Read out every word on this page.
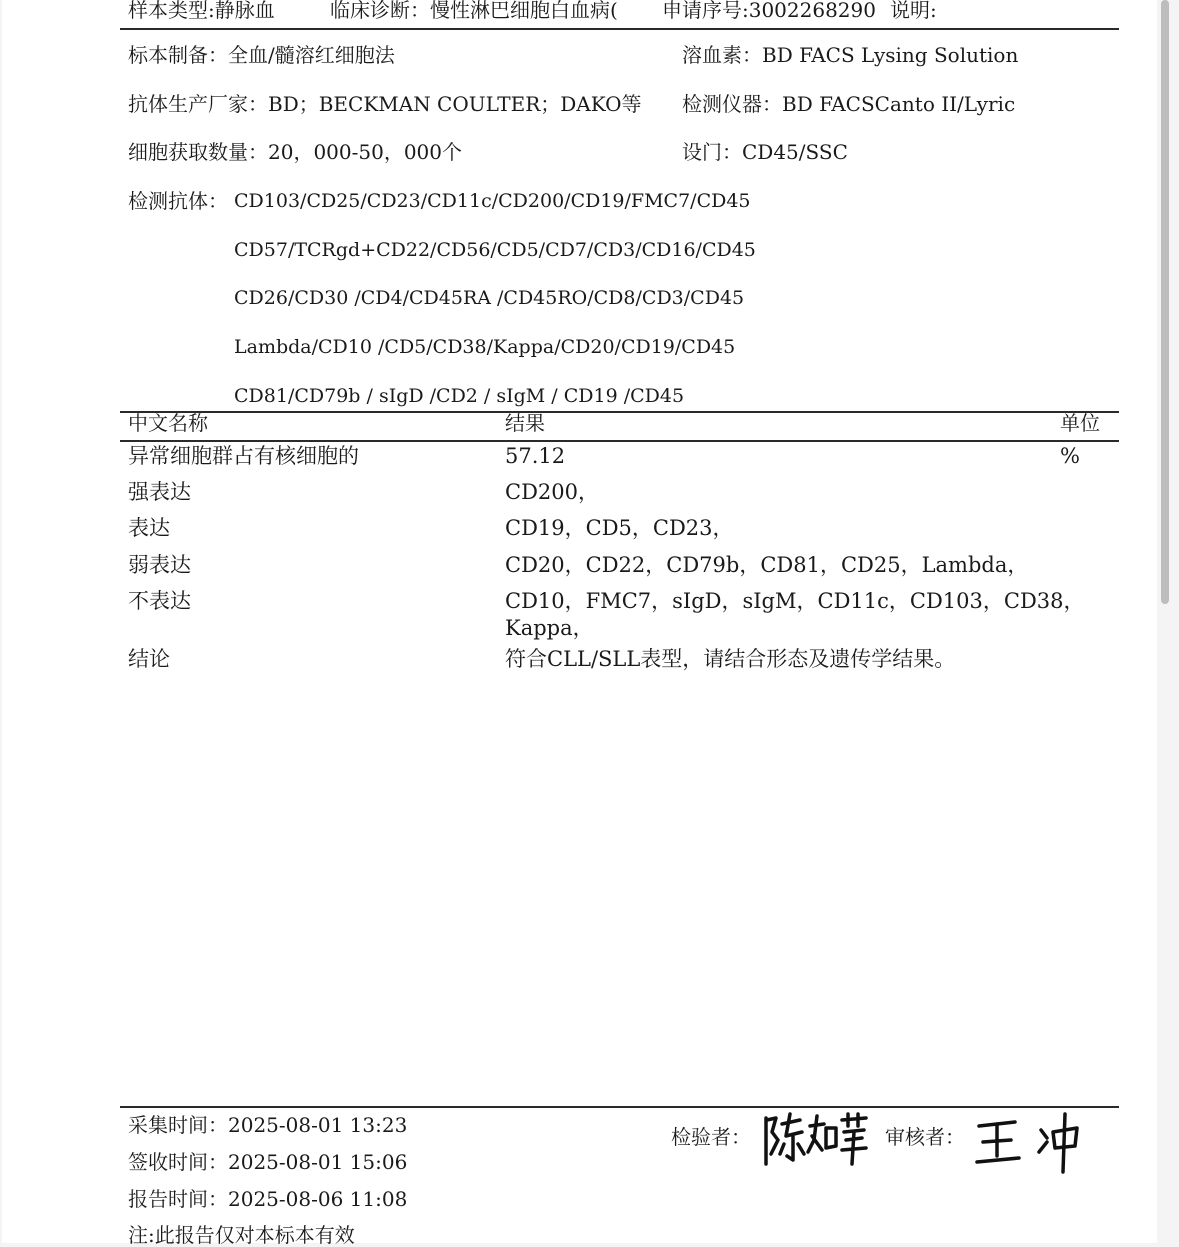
样本类型:静脉血	临床诊断：慢性淋巴细胞白血病( 申请序号:3002268290 说明:
标本制备：全血/髓溶红细胞法	溶血素：BD FACS Lysing Solution
抗体生产厂家：BD；BECKMAN COULTER；DAKO等 检测仪器：BD FACSCanto II/Lyric
细胞获取数量：20，000-50，000个	设门：CD45/SSC
检测抗体： CD103/CD25/CD23/CD11c/CD200/CD19/FMC7/CD45
CD57/TCRgd+CD22/CD56/CD5/CD7/CD3/CD16/CD45
CD26/CD30 /CD4/CD45RA /CD45RO/CD8/CD3/CD45
Lambda/CD10 /CD5/CD38/Kappa/CD20/CD19/CD45
CD81/CD79b / sIgD /CD2 / sIgM / CD19 /CD45
中文名称	结果	单位
异常细胞群占有核细胞的	57.12	%
强表达	CD200，
表达	CD19，CD5，CD23，
弱表达	CD20，CD22，CD79b，CD81，CD25，Lambda，
不表达	CD10，FMC7，sIgD，sIgM，CD11c，CD103，CD38，
Kappa，
结论	符合CLL/SLL表型，请结合形态及遗传学结果。
采集时间：2025-08-01 13:23
签收时间：2025-08-01 15:06
报告时间：2025-08-06 11:08
注:此报告仅对本标本有效
检验者：	审核者：
